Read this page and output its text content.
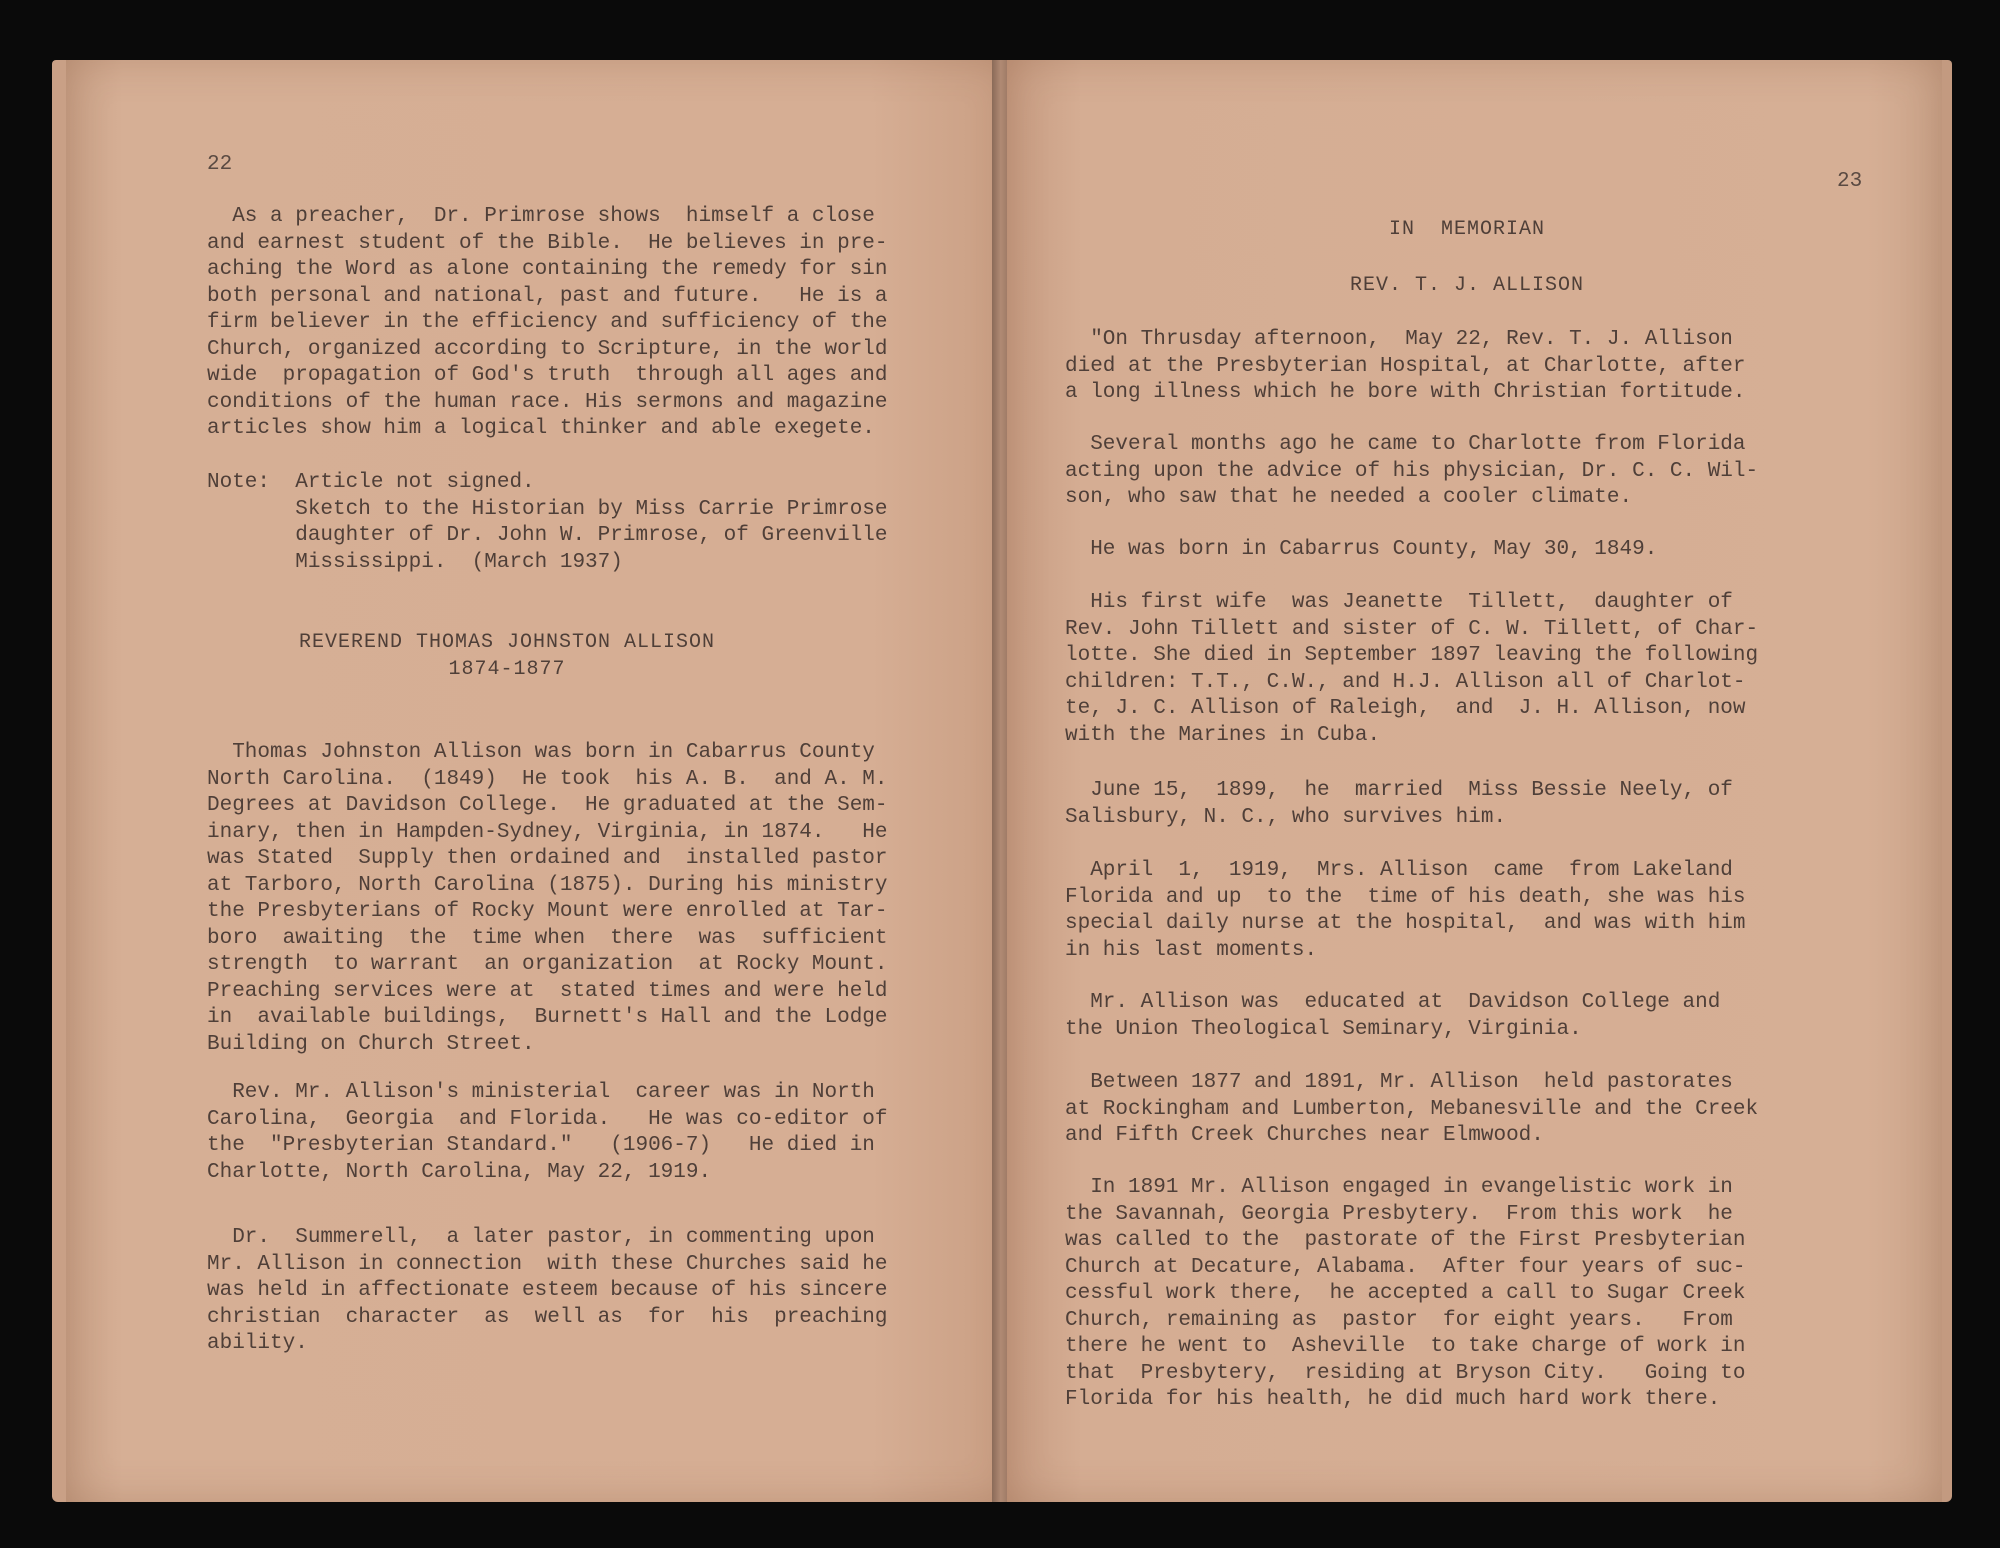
22
As a preacher,  Dr. Primrose shows  himself a close
and earnest student of the Bible.  He believes in pre-
aching the Word as alone containing the remedy for sin
both personal and national, past and future.   He is a
firm believer in the efficiency and sufficiency of the
Church, organized according to Scripture, in the world
wide  propagation of God's truth  through all ages and
conditions of the human race. His sermons and magazine
articles show him a logical thinker and able exegete.
Note:  Article not signed.
Sketch to the Historian by Miss Carrie Primrose
daughter of Dr. John W. Primrose, of Greenville
Mississippi.  (March 1937)
REVEREND THOMAS JOHNSTON ALLISON
1874-1877
Thomas Johnston Allison was born in Cabarrus County
North Carolina.  (1849)  He took  his A. B.  and A. M.
Degrees at Davidson College.  He graduated at the Sem-
inary, then in Hampden-Sydney, Virginia, in 1874.   He
was Stated  Supply then ordained and  installed pastor
at Tarboro, North Carolina (1875). During his ministry
the Presbyterians of Rocky Mount were enrolled at Tar-
boro  awaiting  the  time when  there  was  sufficient
strength  to warrant  an organization  at Rocky Mount.
Preaching services were at  stated times and were held
in  available buildings,  Burnett's Hall and the Lodge
Building on Church Street.
Rev. Mr. Allison's ministerial  career was in North
Carolina,  Georgia  and Florida.   He was co-editor of
the  "Presbyterian Standard."   (1906-7)   He died in
Charlotte, North Carolina, May 22, 1919.
Dr.  Summerell,  a later pastor, in commenting upon
Mr. Allison in connection  with these Churches said he
was held in affectionate esteem because of his sincere
christian  character  as  well as  for  his  preaching
ability.
23
IN  MEMORIAN
REV. T. J. ALLISON
"On Thrusday afternoon,  May 22, Rev. T. J. Allison
died at the Presbyterian Hospital, at Charlotte, after
a long illness which he bore with Christian fortitude.
Several months ago he came to Charlotte from Florida
acting upon the advice of his physician, Dr. C. C. Wil-
son, who saw that he needed a cooler climate.
He was born in Cabarrus County, May 30, 1849.
His first wife  was Jeanette  Tillett,  daughter of
Rev. John Tillett and sister of C. W. Tillett, of Char-
lotte. She died in September 1897 leaving the following
children: T.T., C.W., and H.J. Allison all of Charlot-
te, J. C. Allison of Raleigh,  and  J. H. Allison, now
with the Marines in Cuba.
June 15,  1899,  he  married  Miss Bessie Neely, of
Salisbury, N. C., who survives him.
April  1,  1919,  Mrs. Allison  came  from Lakeland
Florida and up  to the  time of his death, she was his
special daily nurse at the hospital,  and was with him
in his last moments.
Mr. Allison was  educated at  Davidson College and
the Union Theological Seminary, Virginia.
Between 1877 and 1891, Mr. Allison  held pastorates
at Rockingham and Lumberton, Mebanesville and the Creek
and Fifth Creek Churches near Elmwood.
In 1891 Mr. Allison engaged in evangelistic work in
the Savannah, Georgia Presbytery.  From this work  he
was called to the  pastorate of the First Presbyterian
Church at Decature, Alabama.  After four years of suc-
cessful work there,  he accepted a call to Sugar Creek
Church, remaining as  pastor  for eight years.   From
there he went to  Asheville  to take charge of work in
that  Presbytery,  residing at Bryson City.   Going to
Florida for his health, he did much hard work there.
